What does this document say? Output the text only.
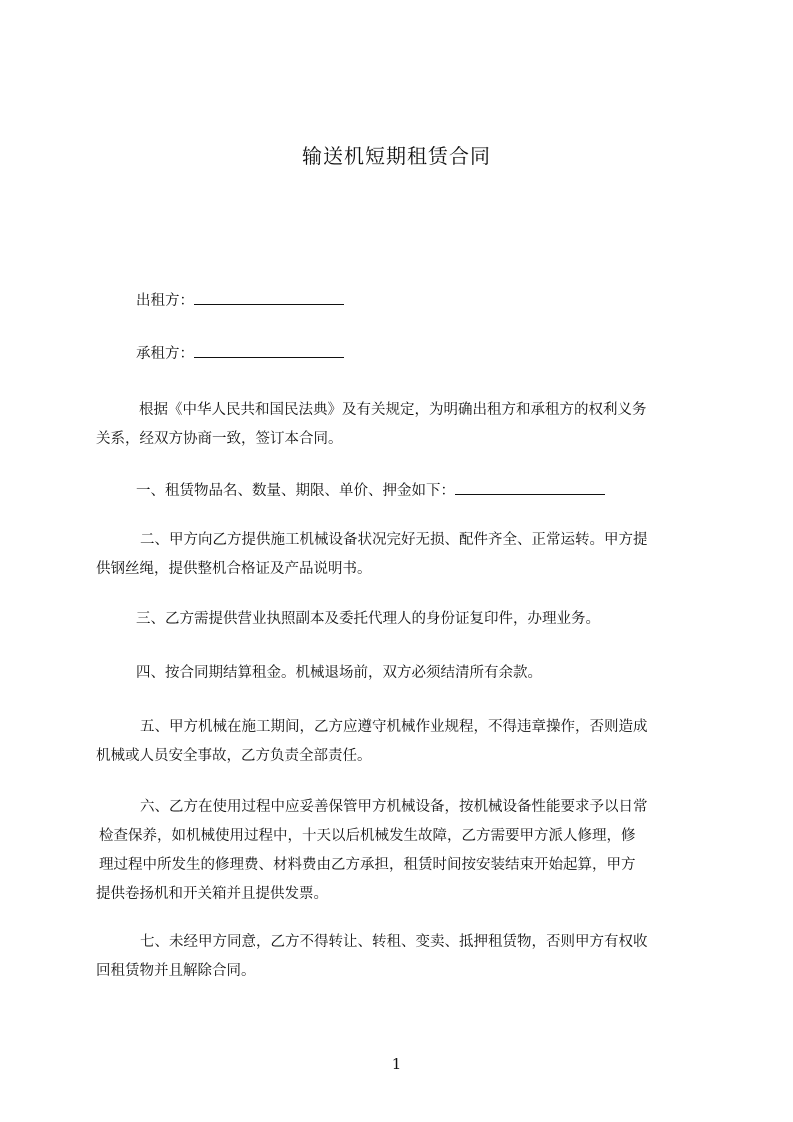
输送机短期租赁合同
出租方：
承租方：
根据《中华人民共和国民法典》及有关规定，为明确出租方和承租方的权利义务
关系，经双方协商一致，签订本合同。
一、租赁物品名、数量、期限、单价、押金如下：
二、甲方向乙方提供施工机械设备状况完好无损、配件齐全、正常运转。甲方提
供钢丝绳，提供整机合格证及产品说明书。
三、乙方需提供营业执照副本及委托代理人的身份证复印件，办理业务。
四、按合同期结算租金。机械退场前，双方必须结清所有余款。
五、甲方机械在施工期间，乙方应遵守机械作业规程，不得违章操作，否则造成
机械或人员安全事故，乙方负责全部责任。
六、乙方在使用过程中应妥善保管甲方机械设备，按机械设备性能要求予以日常
检查保养，如机械使用过程中，十天以后机械发生故障，乙方需要甲方派人修理，修
理过程中所发生的修理费、材料费由乙方承担，租赁时间按安装结束开始起算，甲方
提供卷扬机和开关箱并且提供发票。
七、未经甲方同意，乙方不得转让、转租、变卖、抵押租赁物，否则甲方有权收
回租赁物并且解除合同。
1
